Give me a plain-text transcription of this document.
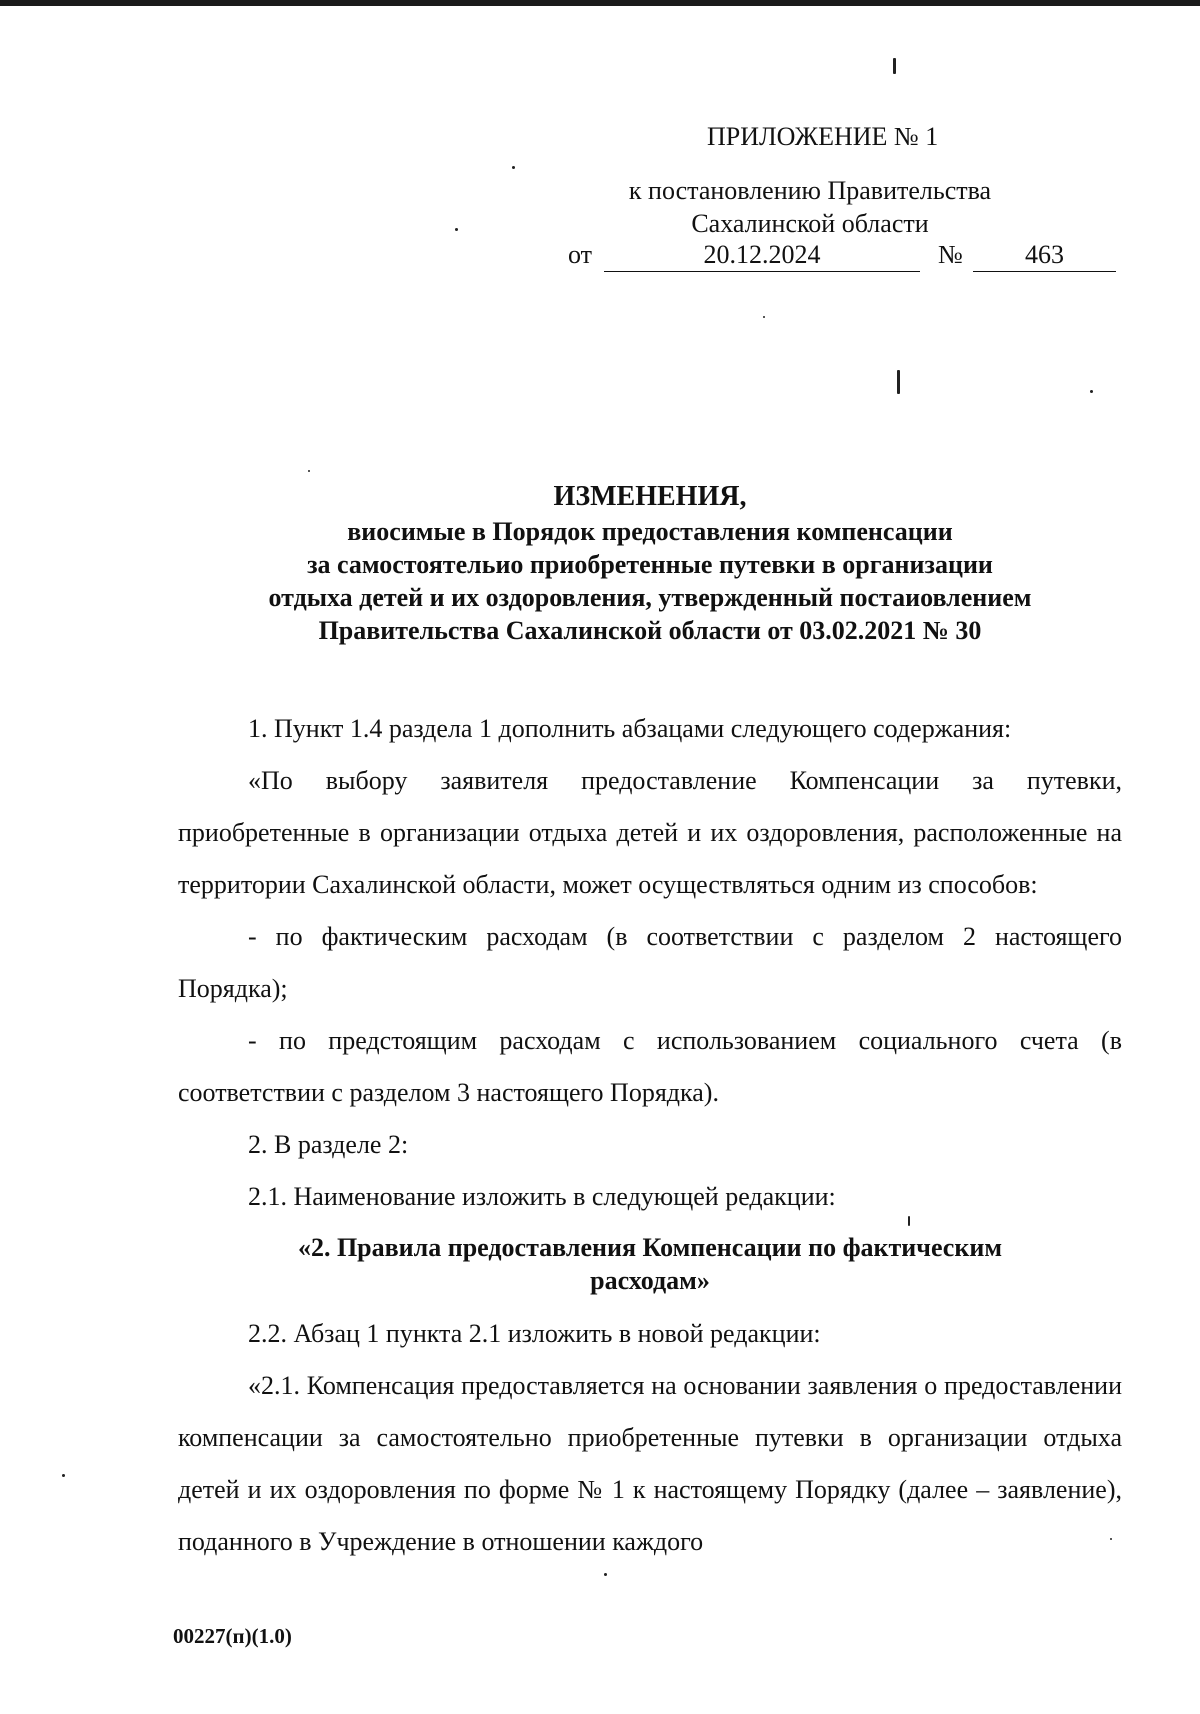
ПРИЛОЖЕНИЕ № 1
к постановлению Правительства
Сахалинской области
от	20.12.2024	№	463
ИЗМЕНЕНИЯ,
виосимые в Порядок предоставления компенсации
за самостоятельио приобретенные путевки в организации
отдыха детей и их оздоровления, утвержденный постаиовлением
Правительства Сахалинской области от 03.02.2021 № 30

1. Пункт 1.4 раздела 1 дополнить абзацами следующего содержания:

«По выбору заявителя предоставление Компенсации за путевки, приобретенные в организации отдыха детей и их оздоровления, расположенные на территории Сахалинской области, может осуществляться одним из способов:

- по фактическим расходам (в соответствии с разделом 2 настоящего Порядка);

- по предстоящим расходам с использованием социального счета (в соответствии с разделом 3 настоящего Порядка).

2. В разделе 2:

2.1. Наименование изложить в следующей редакции:

«2. Правила предоставления Компенсации по фактическим
расходам»

2.2. Абзац 1 пункта 2.1 изложить в новой редакции:

«2.1. Компенсация предоставляется на основании заявления о предоставлении компенсации за самостоятельно приобретенные путевки в организации отдыха детей и их оздоровления по форме № 1 к настоящему Порядку (далее – заявление), поданного в Учреждение в отношении каждого

00227(п)(1.0)
